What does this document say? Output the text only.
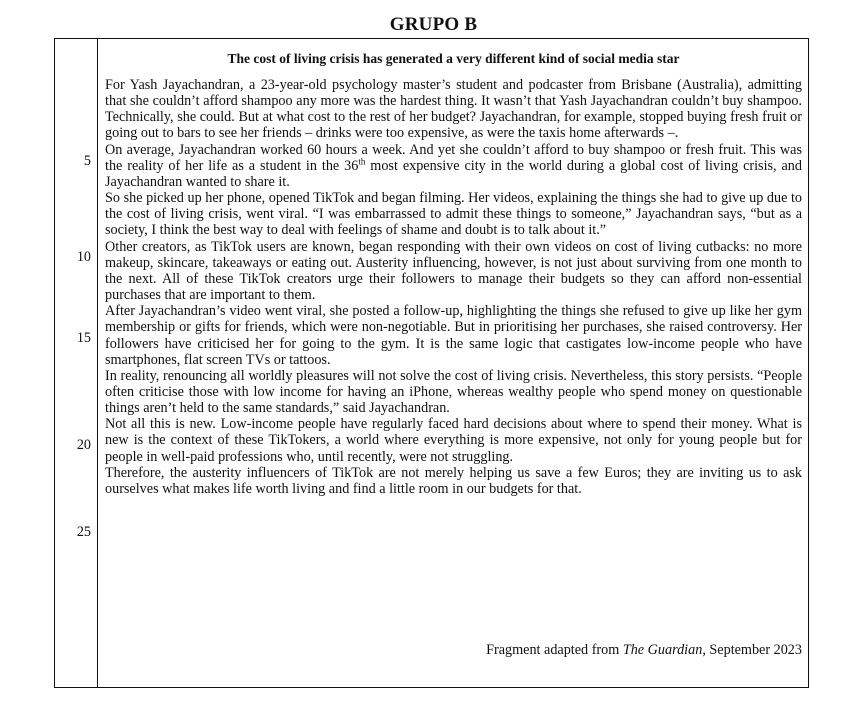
GRUPO B
5
10
15
20
25
The cost of living crisis has generated a very different kind of social media star

For Yash Jayachandran, a 23-year-old psychology master’s student and podcaster from Brisbane (Australia), admitting that she couldn’t afford shampoo any more was the hardest thing. It wasn’t that Yash Jayachandran couldn’t buy shampoo. Technically, she could. But at what cost to the rest of her budget? Jayachandran, for example, stopped buying fresh fruit or going out to bars to see her friends – drinks were too expensive, as were the taxis home afterwards –.

On average, Jayachandran worked 60 hours a week. And yet she couldn’t afford to buy shampoo or fresh fruit. This was the reality of her life as a student in the 36th most expensive city in the world during a global cost of living crisis, and Jayachandran wanted to share it.

So she picked up her phone, opened TikTok and began filming. Her videos, explaining the things she had to give up due to the cost of living crisis, went viral. “I was embarrassed to admit these things to someone,” Jayachandran says, “but as a society, I think the best way to deal with feelings of shame and doubt is to talk about it.”

Other creators, as TikTok users are known, began responding with their own videos on cost of living cutbacks: no more makeup, skincare, takeaways or eating out. Austerity influencing, however, is not just about surviving from one month to the next. All of these TikTok creators urge their followers to manage their budgets so they can afford non-essential purchases that are important to them.

After Jayachandran’s video went viral, she posted a follow-up, highlighting the things she refused to give up like her gym membership or gifts for friends, which were non-negotiable. But in prioritising her purchases, she raised controversy. Her followers have criticised her for going to the gym. It is the same logic that castigates low-income people who have smartphones, flat screen TVs or tattoos.

In reality, renouncing all worldly pleasures will not solve the cost of living crisis. Nevertheless, this story persists. “People often criticise those with low income for having an iPhone, whereas wealthy people who spend money on questionable things aren’t held to the same standards,” said Jayachandran.

Not all this is new. Low-income people have regularly faced hard decisions about where to spend their money. What is new is the context of these TikTokers, a world where everything is more expensive, not only for young people but for people in well-paid professions who, until recently, were not struggling.

Therefore, the austerity influencers of TikTok are not merely helping us save a few Euros; they are inviting us to ask ourselves what makes life worth living and find a little room in our budgets for that.

Fragment adapted from The Guardian, September 2023
